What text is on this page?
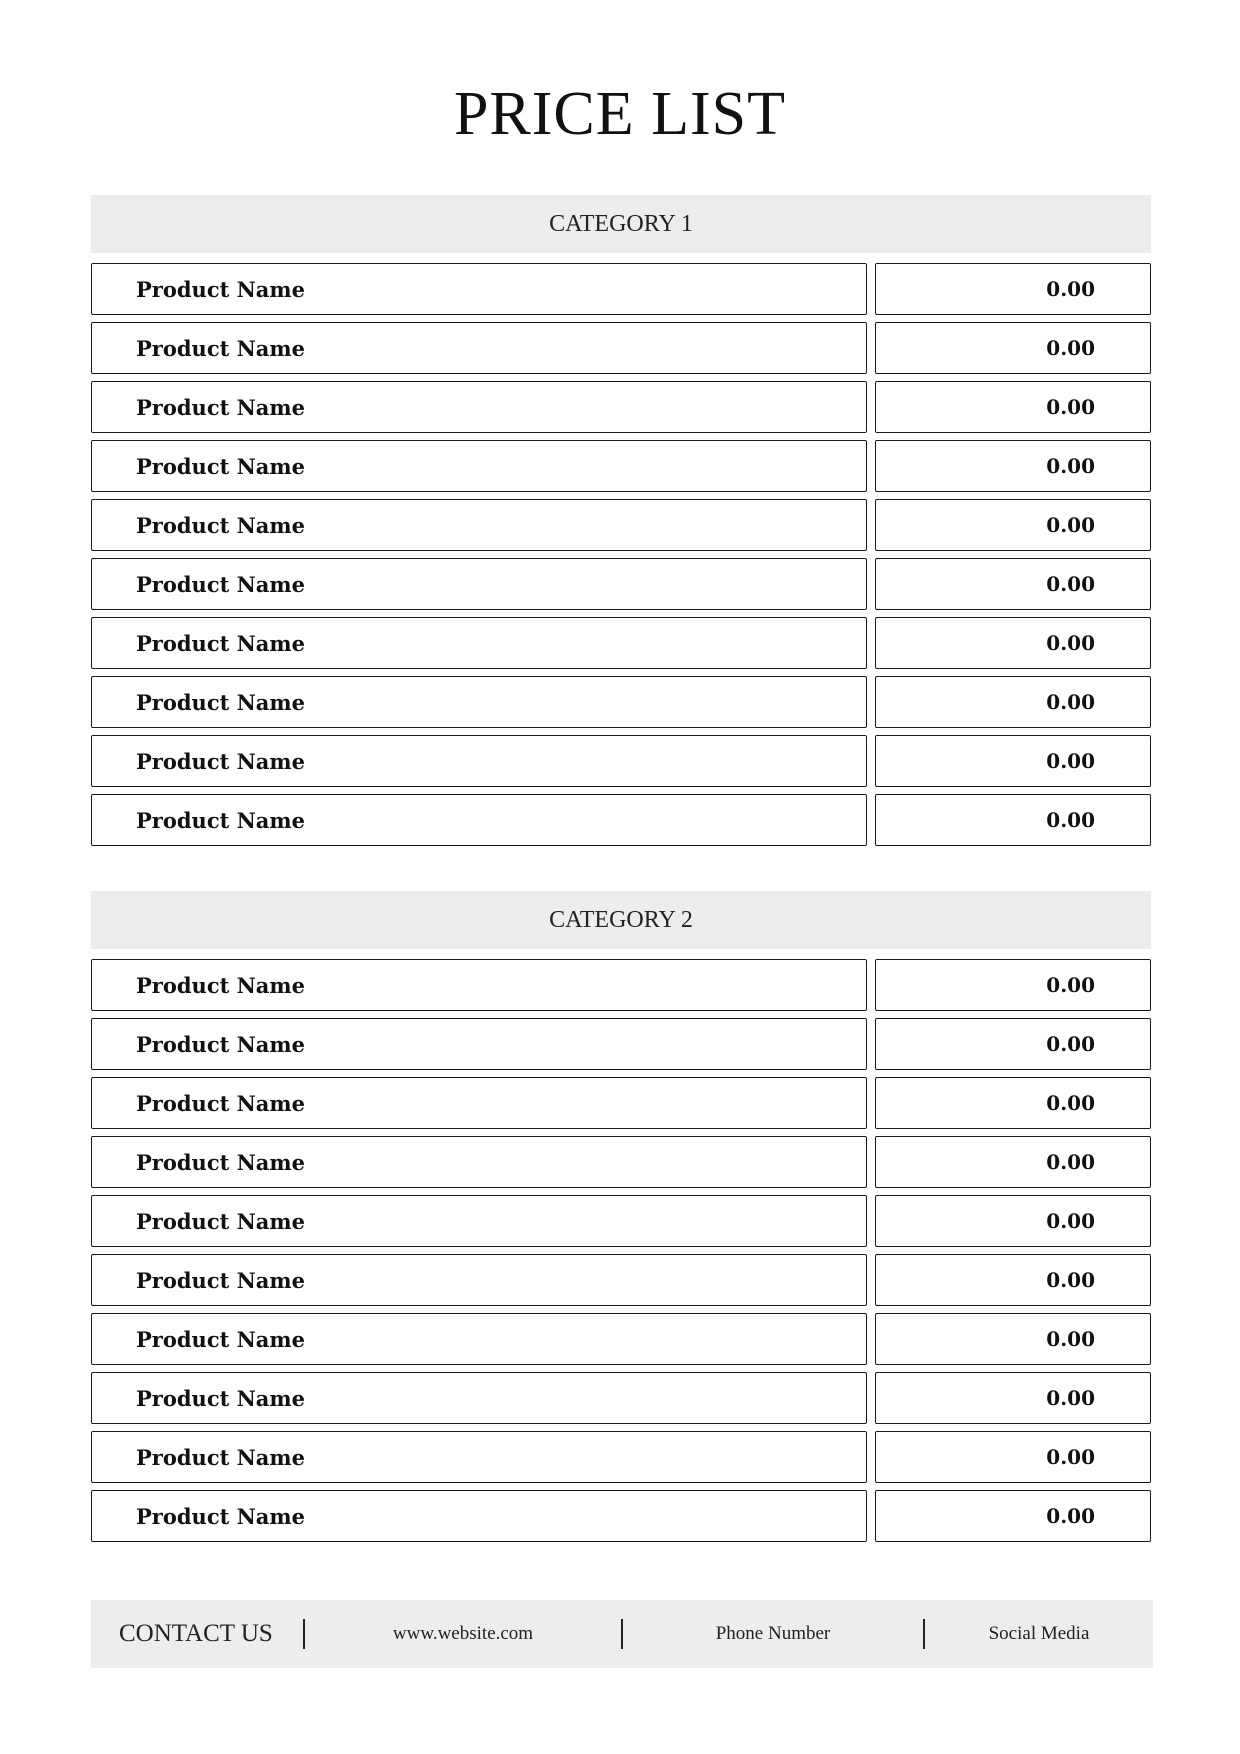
PRICE LIST
CATEGORY 1
Product Name	0.00
Product Name	0.00
Product Name	0.00
Product Name	0.00
Product Name	0.00
Product Name	0.00
Product Name	0.00
Product Name	0.00
Product Name	0.00
Product Name	0.00
CATEGORY 2
Product Name	0.00
Product Name	0.00
Product Name	0.00
Product Name	0.00
Product Name	0.00
Product Name	0.00
Product Name	0.00
Product Name	0.00
Product Name	0.00
Product Name	0.00
CONTACT US	www.website.com	Phone Number	Social Media
